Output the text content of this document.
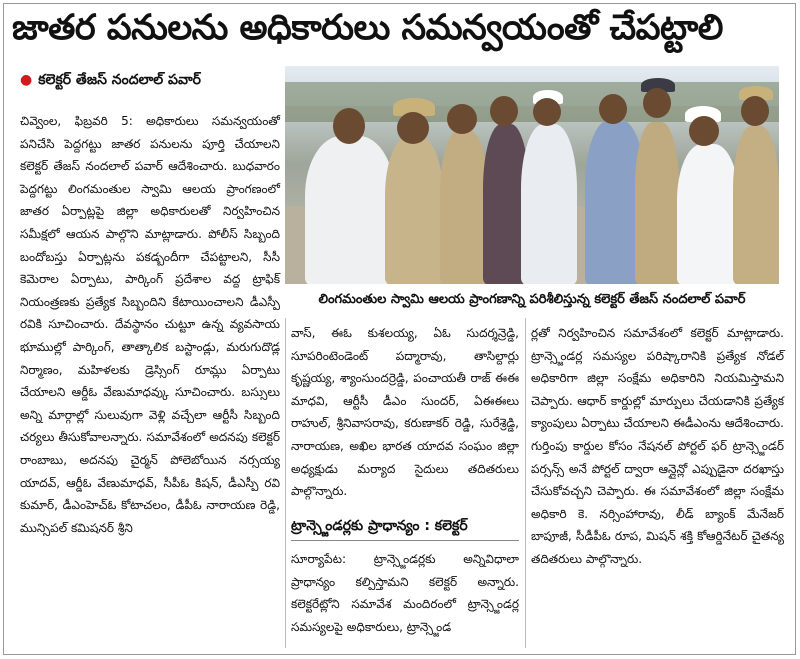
జాతర పనులను అధికారులు సమన్వయంతో చేపట్టాలి
● కలెక్టర్ తేజస్ నందలాల్ పవార్
లింగమంతుల స్వామి ఆలయ ప్రాంగణాన్ని పరిశీలిస్తున్న కలెక్టర్ తేజస్ నందలాల్ పవార్

చివ్వెంల, ఫిబ్రవరి 5: అధికారులు సమన్వయంతో పనిచేసి పెద్దగట్టు జాతర పనులను పూర్తి చేయాలని కలెక్టర్ తేజస్ నందలాల్ పవార్ ఆదేశించారు. బుధవారం పెద్దగట్టు లింగమంతుల స్వామి ఆలయ ప్రాంగణంలో జాతర ఏర్పాట్లపై జిల్లా అధికారులతో నిర్వహించిన సమీక్షలో ఆయన పాల్గొని మాట్లాడారు. పోలీస్ సిబ్బంది బందోబస్తు ఏర్పాట్లను పకడ్బందీగా చేపట్టాలని, సీసీ కెమెరాల ఏర్పాటు, పార్కింగ్ ప్రదేశాల వద్ద ట్రాఫిక్ నియంత్రణకు ప్రత్యేక సిబ్బందిని కేటాయించాలని డీఎస్పీ రవికి సూచించారు. దేవస్థానం చుట్టూ ఉన్న వ్యవసాయ భూముల్లో పార్కింగ్, తాత్కాలిక బస్టాండ్లు, మరుగుదొడ్ల నిర్మాణం, మహిళలకు డ్రెస్సింగ్ రూమ్లు ఏర్పాటు చేయాలని ఆర్డీఓ వేణుమాధవ్కు సూచించారు. బస్సులు అన్ని మార్గాల్లో సులువుగా వెళ్లి వచ్చేలా ఆర్టీసీ సిబ్బంది చర్యలు తీసుకోవాలన్నారు. సమావేశంలో అదనపు కలెక్టర్ రాంబాబు, అదనపు చైర్మన్ పోలెబోయిన నర్సయ్య యాదవ్, ఆర్డీఓ వేణుమాధవ్, సీపీఓ కిషన్, డీఎస్పీ రవి కుమార్, డీఎంహెచ్ఓ కోటాచలం, డీపీఓ నారాయణ రెడ్డి, మున్సిపల్ కమిషనర్ శ్రీని

వాస్, ఈఓ కుశలయ్య, ఏఓ సుదర్శన్రెడ్డి, సూపరింటెండెంట్ పద్మారావు, తాసిల్దార్లు కృష్ణయ్య, శ్యాంసుందర్రెడ్డి, పంచాయతీ రాజ్ ఈఈ మాధవి, ఆర్టీసీ డీఎం సుందర్, ఏఈఈలు రాహుల్, శ్రీనివాసరావు, కరుణాకర్ రెడ్డి, సురేశ్రెడ్డి, నారాయణ, అఖిల భారత యాదవ సంఘం జిల్లా అధ్యక్షుడు మర్యాద సైదులు తదితరులు పాల్గొన్నారు.

ట్రాన్స్జెండర్లకు ప్రాధాన్యం : కలెక్టర్

సూర్యాపేట: ట్రాన్స్జెండర్లకు అన్నివిధాలా ప్రాధాన్యం కల్పిస్తామని కలెక్టర్ అన్నారు. కలెక్టరేట్లోని సమావేశ మందిరంలో ట్రాన్స్జెండర్ల సమస్యలపై అధికారులు, ట్రాన్స్జెండ

ర్లతో నిర్వహించిన సమావేశంలో కలెక్టర్ మాట్లాడారు. ట్రాన్స్జెండర్ల సమస్యల పరిష్కారానికి ప్రత్యేక నోడల్ అధికారిగా జిల్లా సంక్షేమ అధికారిని నియమిస్తామని చెప్పారు. ఆధార్ కార్డుల్లో మార్పులు చేయడానికి ప్రత్యేక క్యాంపులు ఏర్పాటు చేయాలని ఈడీఎంను ఆదేశించారు. గుర్తింపు కార్డుల కోసం నేషనల్ పోర్టల్ ఫర్ ట్రాన్స్జెండర్ పర్సన్స్ అనే పోర్టల్ ద్వారా ఆన్లైన్లో ఎప్పుడైనా దరఖాస్తు చేసుకోవచ్చని చెప్పారు. ఈ సమావేశంలో జిల్లా సంక్షేమ అధికారి కె. నర్సింహారావు, లీడ్ బ్యాంక్ మేనేజర్ బాపూజీ, సీడీపీఓ రూప, మిషన్ శక్తి కోఆర్డినేటర్ చైతన్య తదితరులు పాల్గొన్నారు.
